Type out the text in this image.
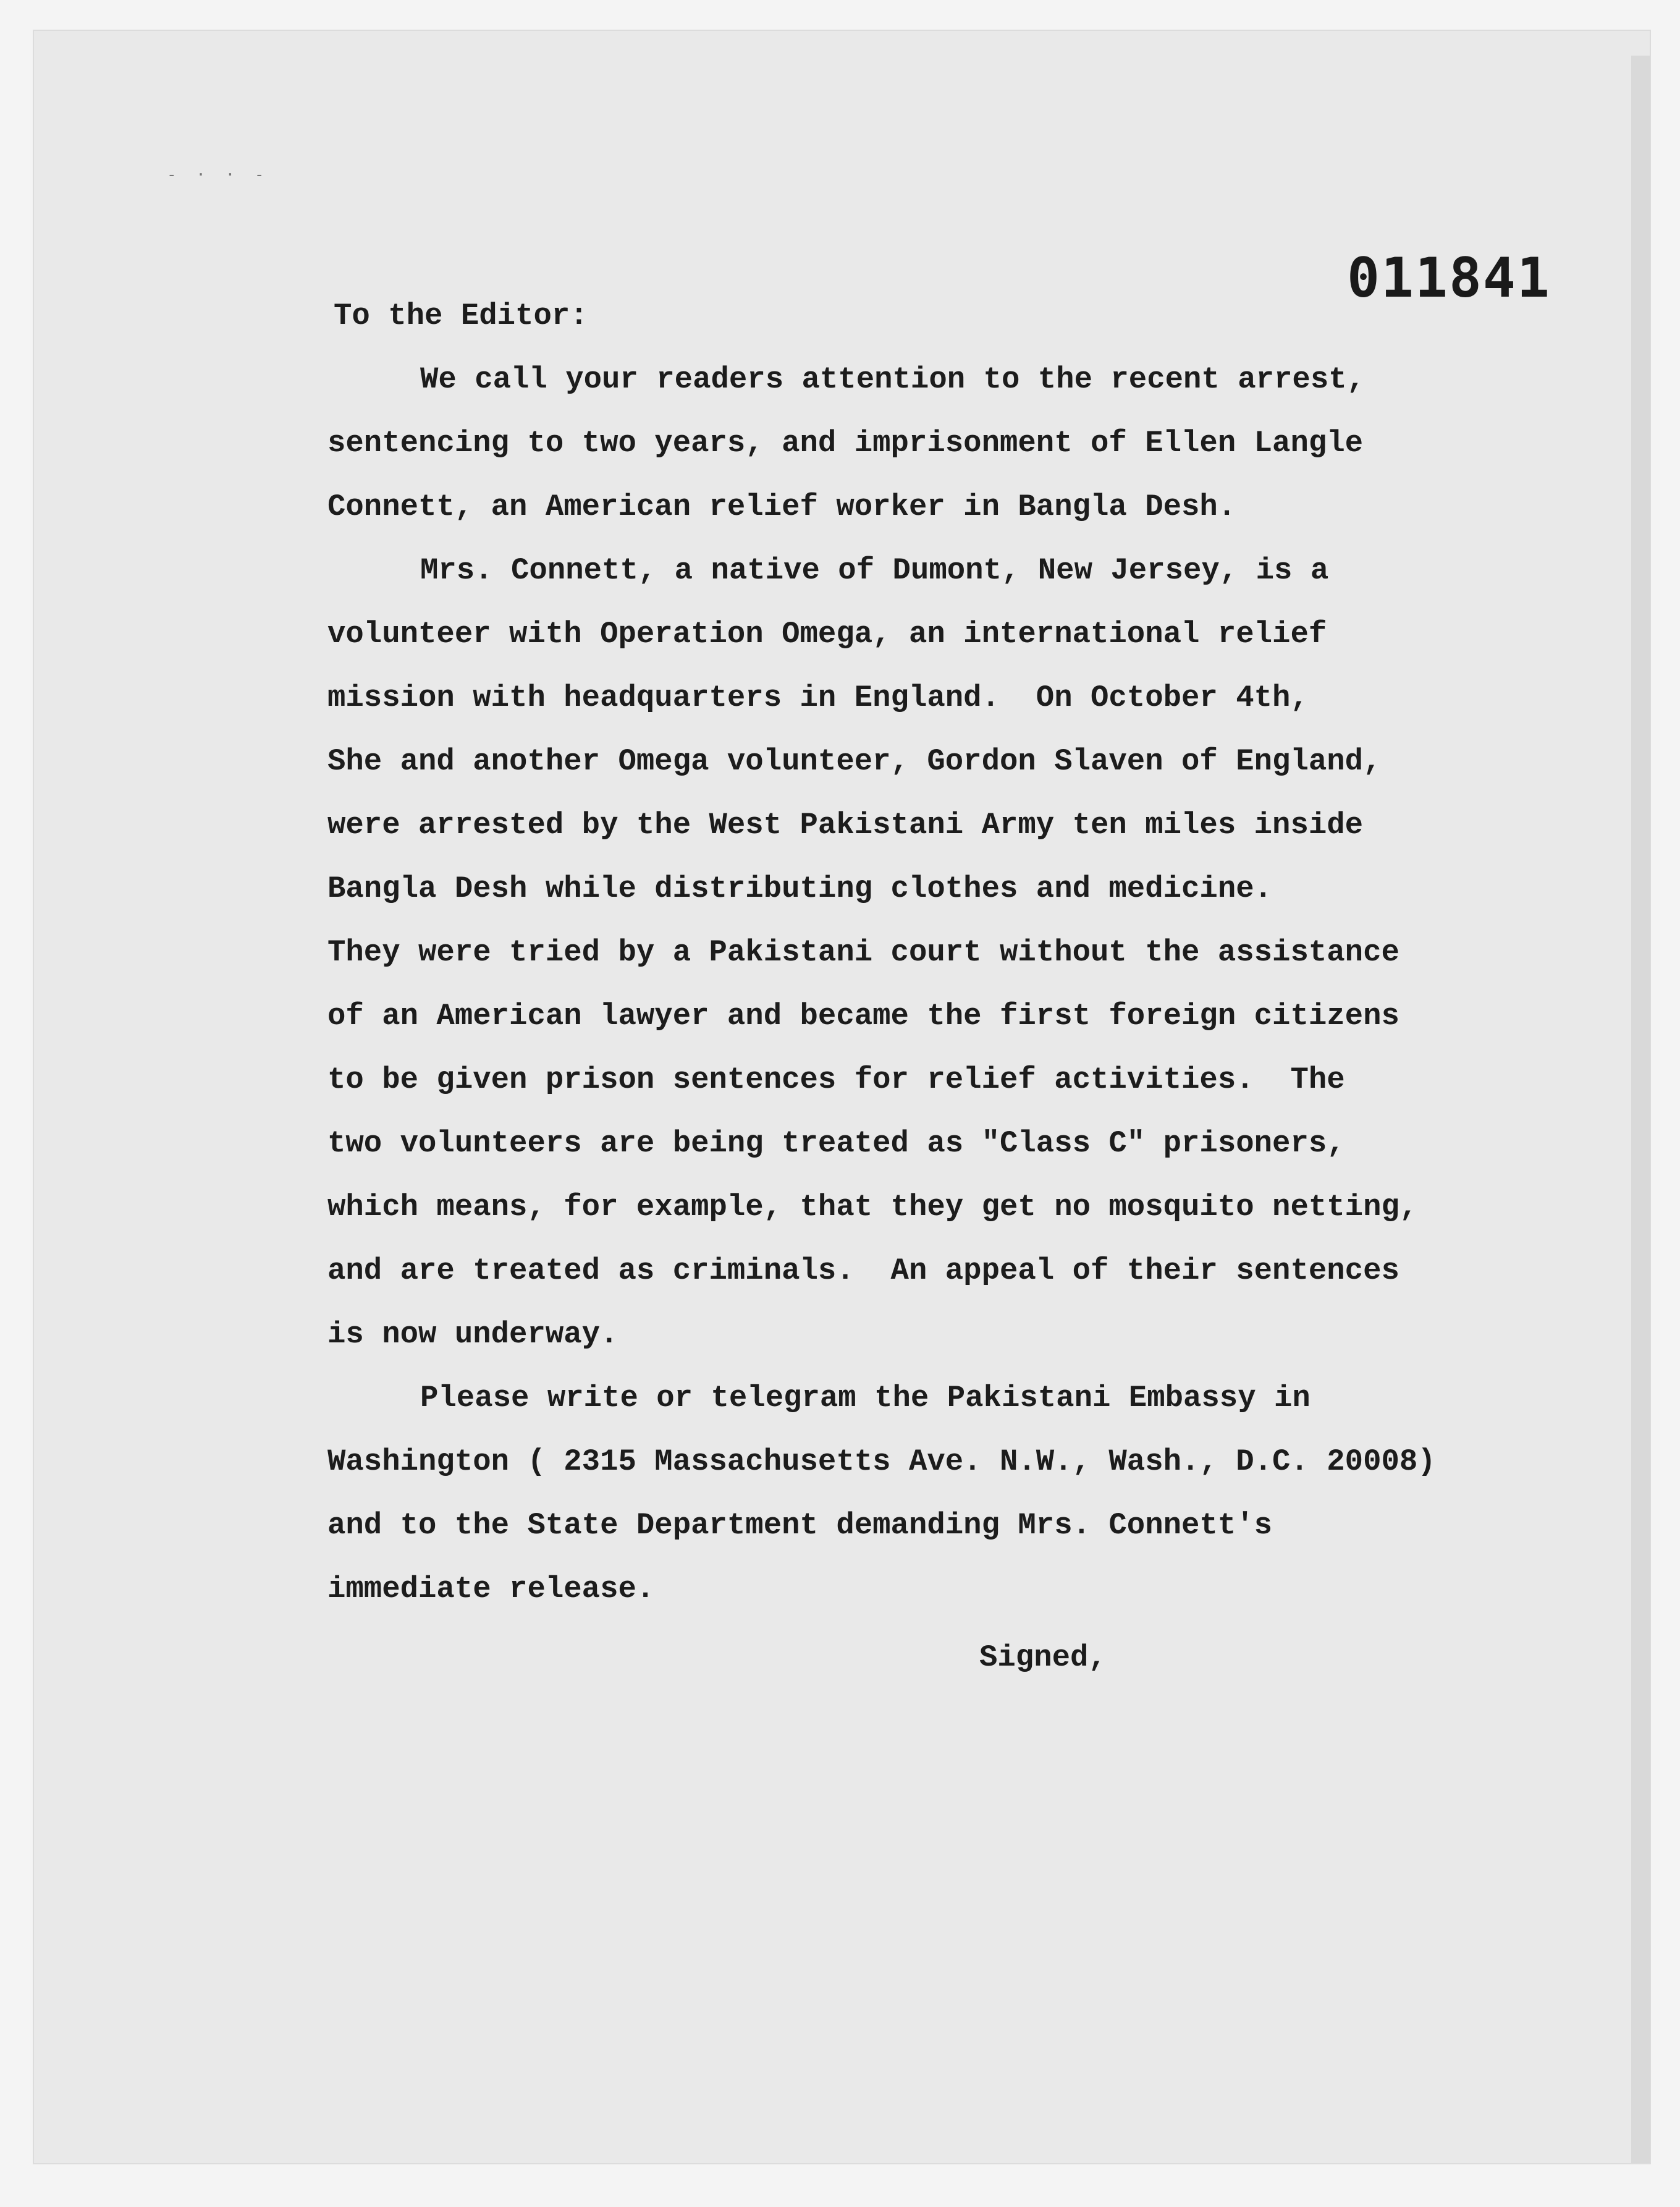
- · · -
011841
To the Editor:
We call your readers attention to the recent arrest,
sentencing to two years, and imprisonment of Ellen Langle
Connett, an American relief worker in Bangla Desh.
Mrs. Connett, a native of Dumont, New Jersey, is a
volunteer with Operation Omega, an international relief
mission with headquarters in England.  On October 4th,
She and another Omega volunteer, Gordon Slaven of England,
were arrested by the West Pakistani Army ten miles inside
Bangla Desh while distributing clothes and medicine.
They were tried by a Pakistani court without the assistance
of an American lawyer and became the first foreign citizens
to be given prison sentences for relief activities.  The
two volunteers are being treated as "Class C" prisoners,
which means, for example, that they get no mosquito netting,
and are treated as criminals.  An appeal of their sentences
is now underway.
Please write or telegram the Pakistani Embassy in
Washington ( 2315 Massachusetts Ave. N.W., Wash., D.C. 20008)
and to the State Department demanding Mrs. Connett's
immediate release.
Signed,
